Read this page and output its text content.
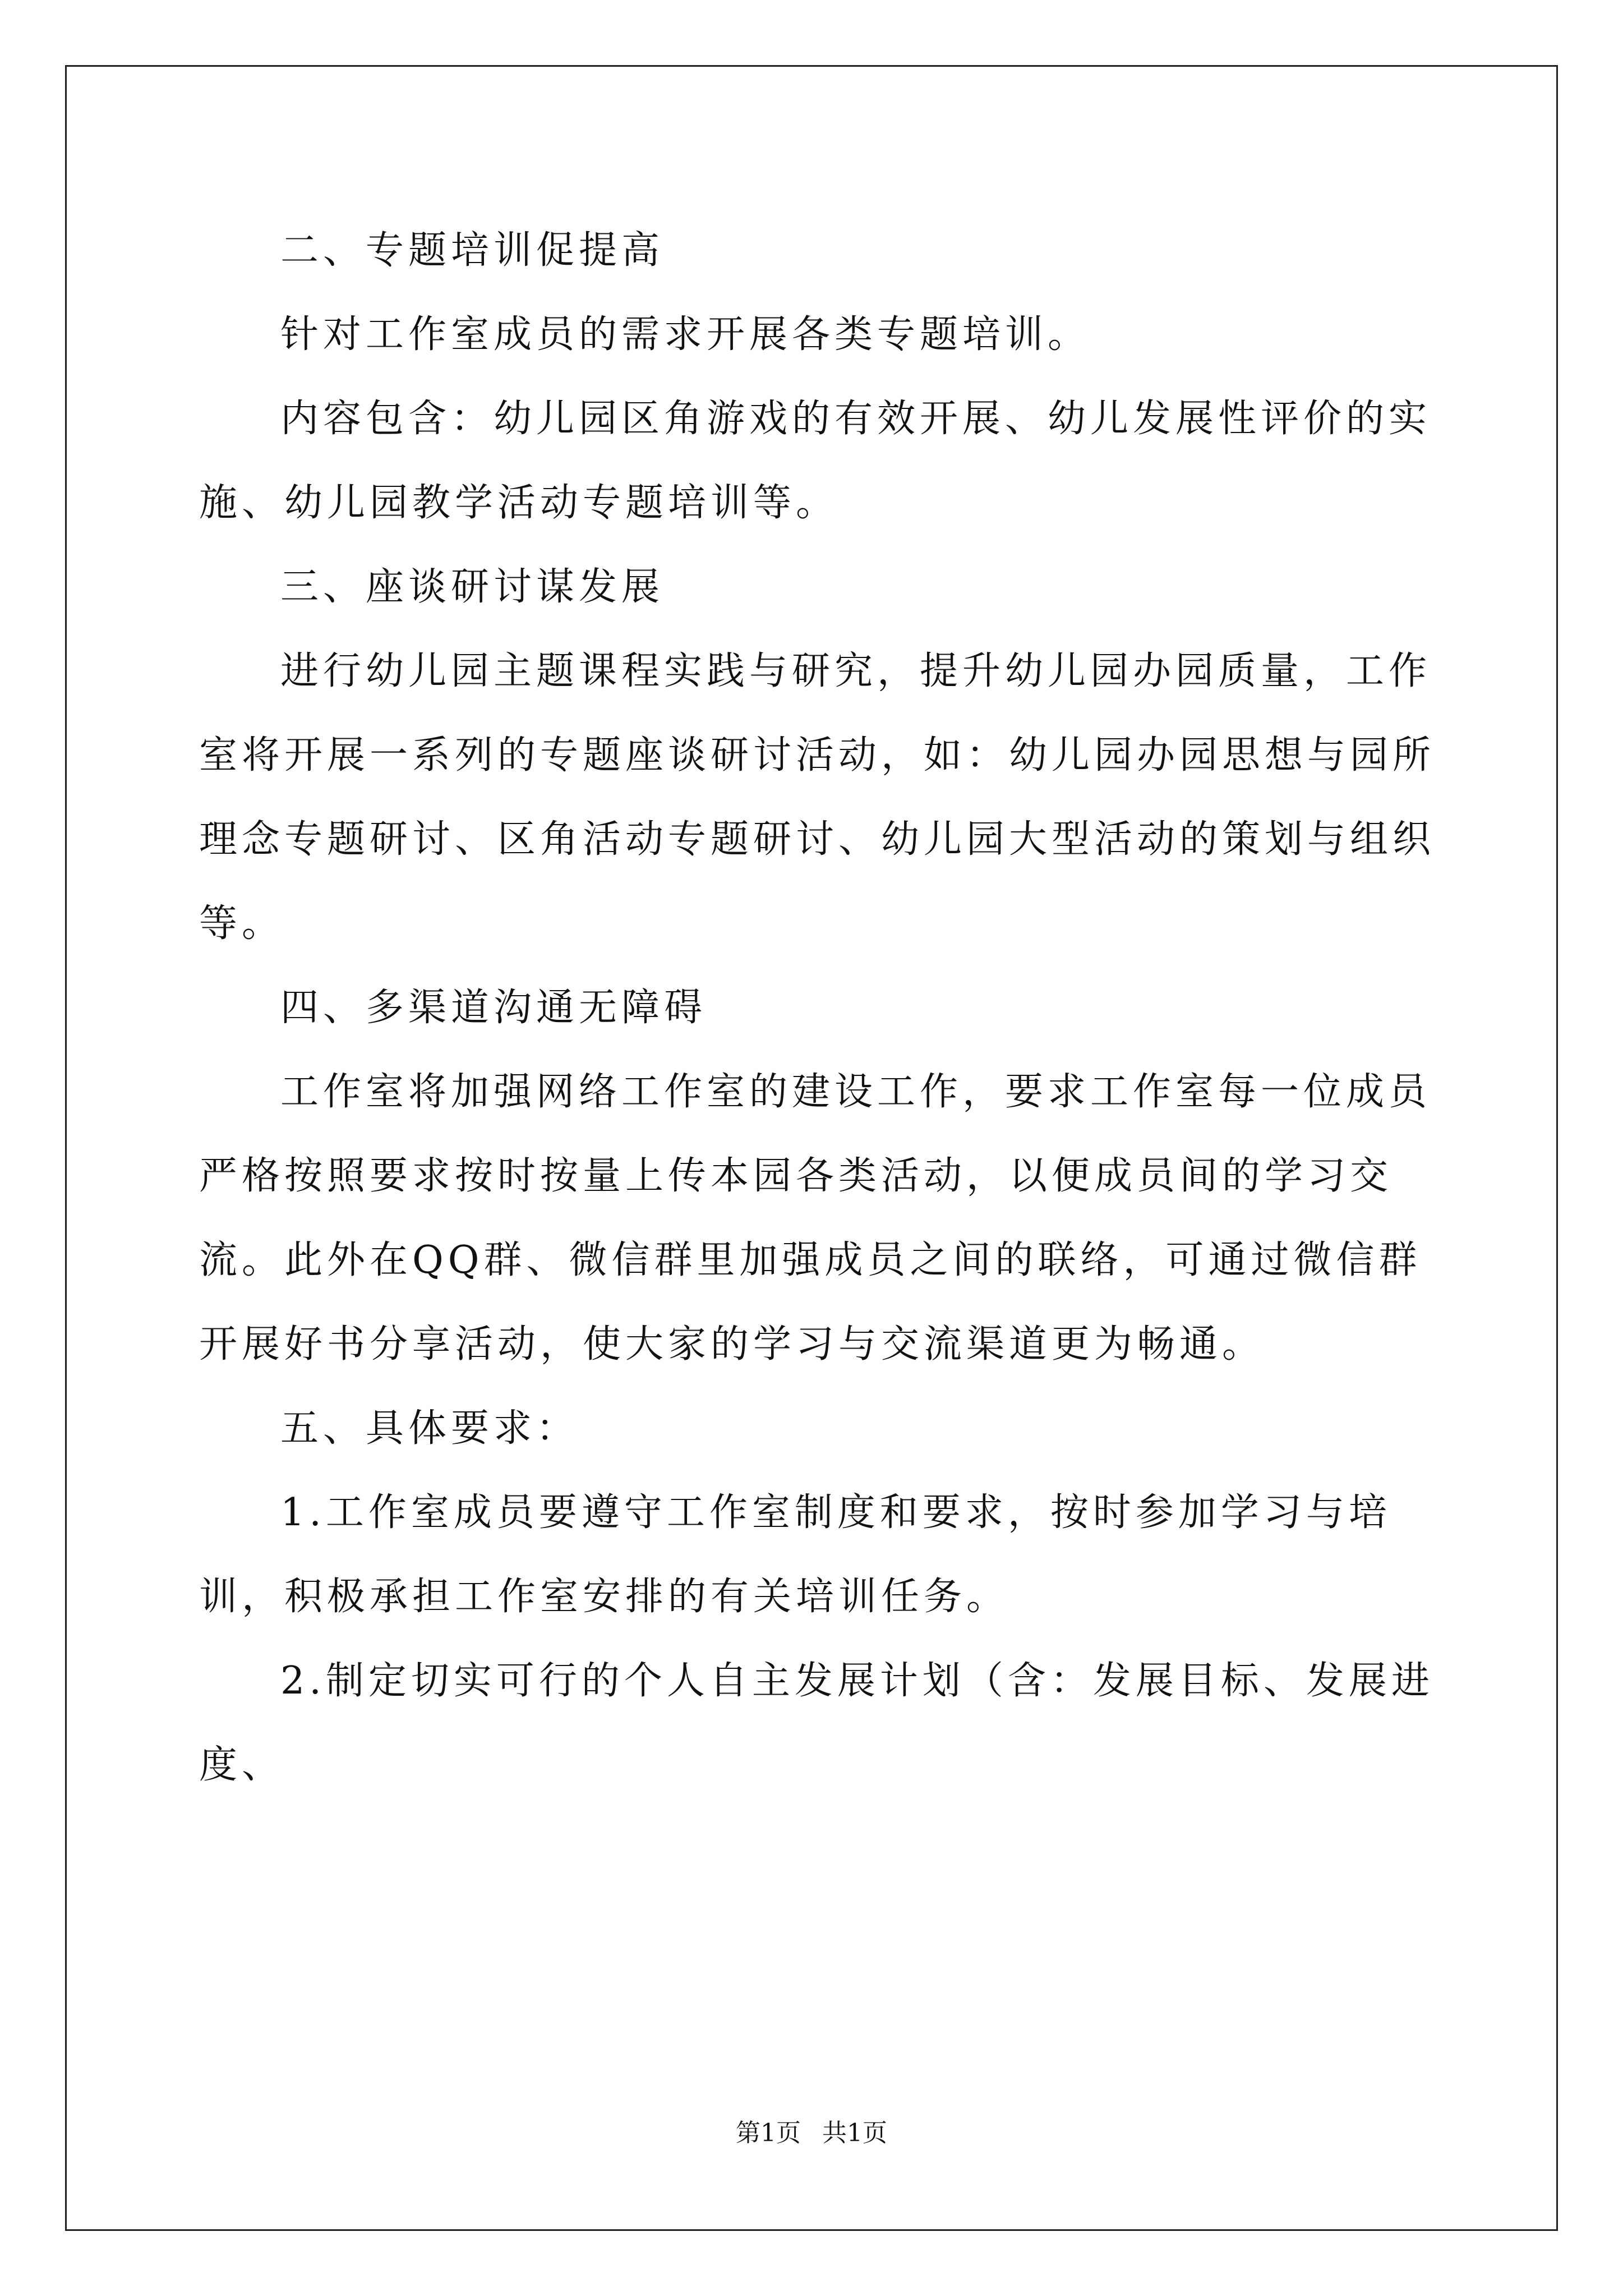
二、专题培训促提高

针对工作室成员的需求开展各类专题培训。

内容包含：幼儿园区角游戏的有效开展、幼儿发展性评价的实施、幼儿园教学活动专题培训等。

三、座谈研讨谋发展

进行幼儿园主题课程实践与研究，提升幼儿园办园质量，工作室将开展一系列的专题座谈研讨活动，如：幼儿园办园思想与园所理念专题研讨、区角活动专题研讨、幼儿园大型活动的策划与组织等。

四、多渠道沟通无障碍

工作室将加强网络工作室的建设工作，要求工作室每一位成员严格按照要求按时按量上传本园各类活动，以便成员间的学习交流。此外在QQ群、微信群里加强成员之间的联络，可通过微信群开展好书分享活动，使大家的学习与交流渠道更为畅通。

五、具体要求：

1.工作室成员要遵守工作室制度和要求，按时参加学习与培训，积极承担工作室安排的有关培训任务。

2.制定切实可行的个人自主发展计划（含：发展目标、发展进度、

第1页 共1页
